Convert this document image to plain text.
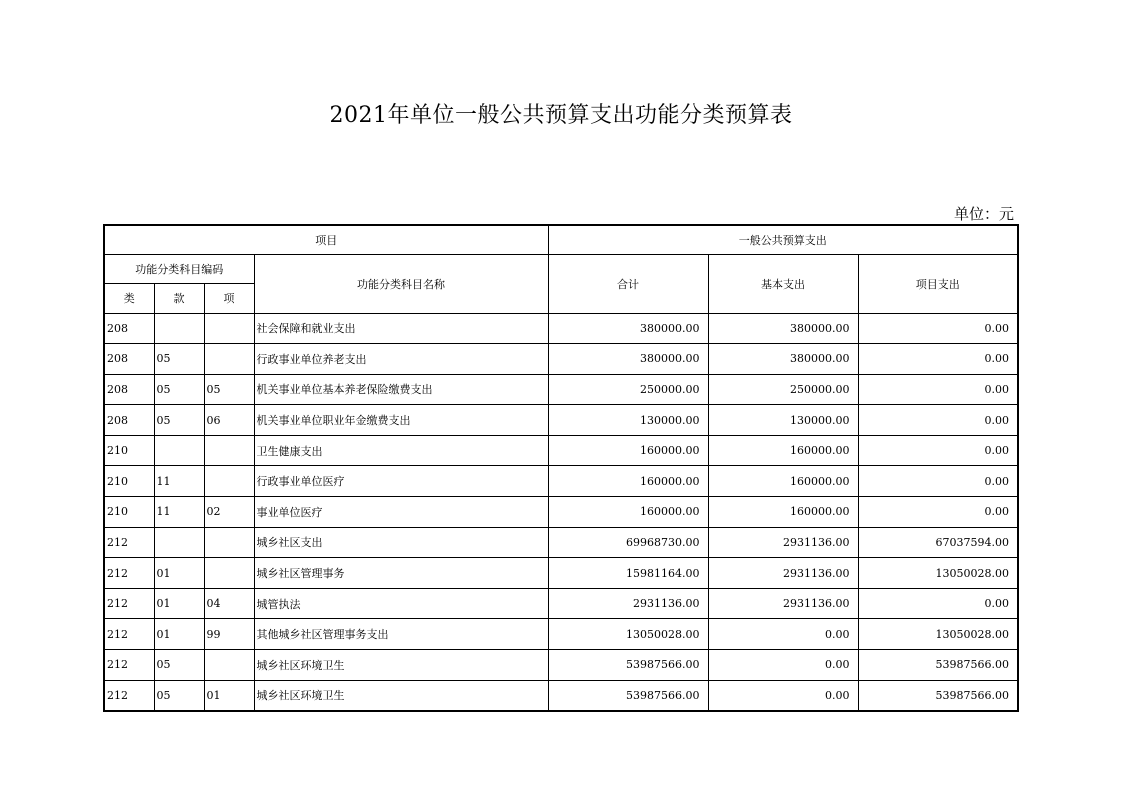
2021年单位一般公共预算支出功能分类预算表
单位：元
项目				一般公共预算支出		
功能分类科目编码			功能分类科目名称	合计	基本支出	项目支出
类	款	项				
208			社会保障和就业支出	380000.00	380000.00	0.00
208	05		行政事业单位养老支出	380000.00	380000.00	0.00
208	05	05	机关事业单位基本养老保险缴费支出	250000.00	250000.00	0.00
208	05	06	机关事业单位职业年金缴费支出	130000.00	130000.00	0.00
210			卫生健康支出	160000.00	160000.00	0.00
210	11		行政事业单位医疗	160000.00	160000.00	0.00
210	11	02	事业单位医疗	160000.00	160000.00	0.00
212			城乡社区支出	69968730.00	2931136.00	67037594.00
212	01		城乡社区管理事务	15981164.00	2931136.00	13050028.00
212	01	04	城管执法	2931136.00	2931136.00	0.00
212	01	99	其他城乡社区管理事务支出	13050028.00	0.00	13050028.00
212	05		城乡社区环境卫生	53987566.00	0.00	53987566.00
212	05	01	城乡社区环境卫生	53987566.00	0.00	53987566.00
